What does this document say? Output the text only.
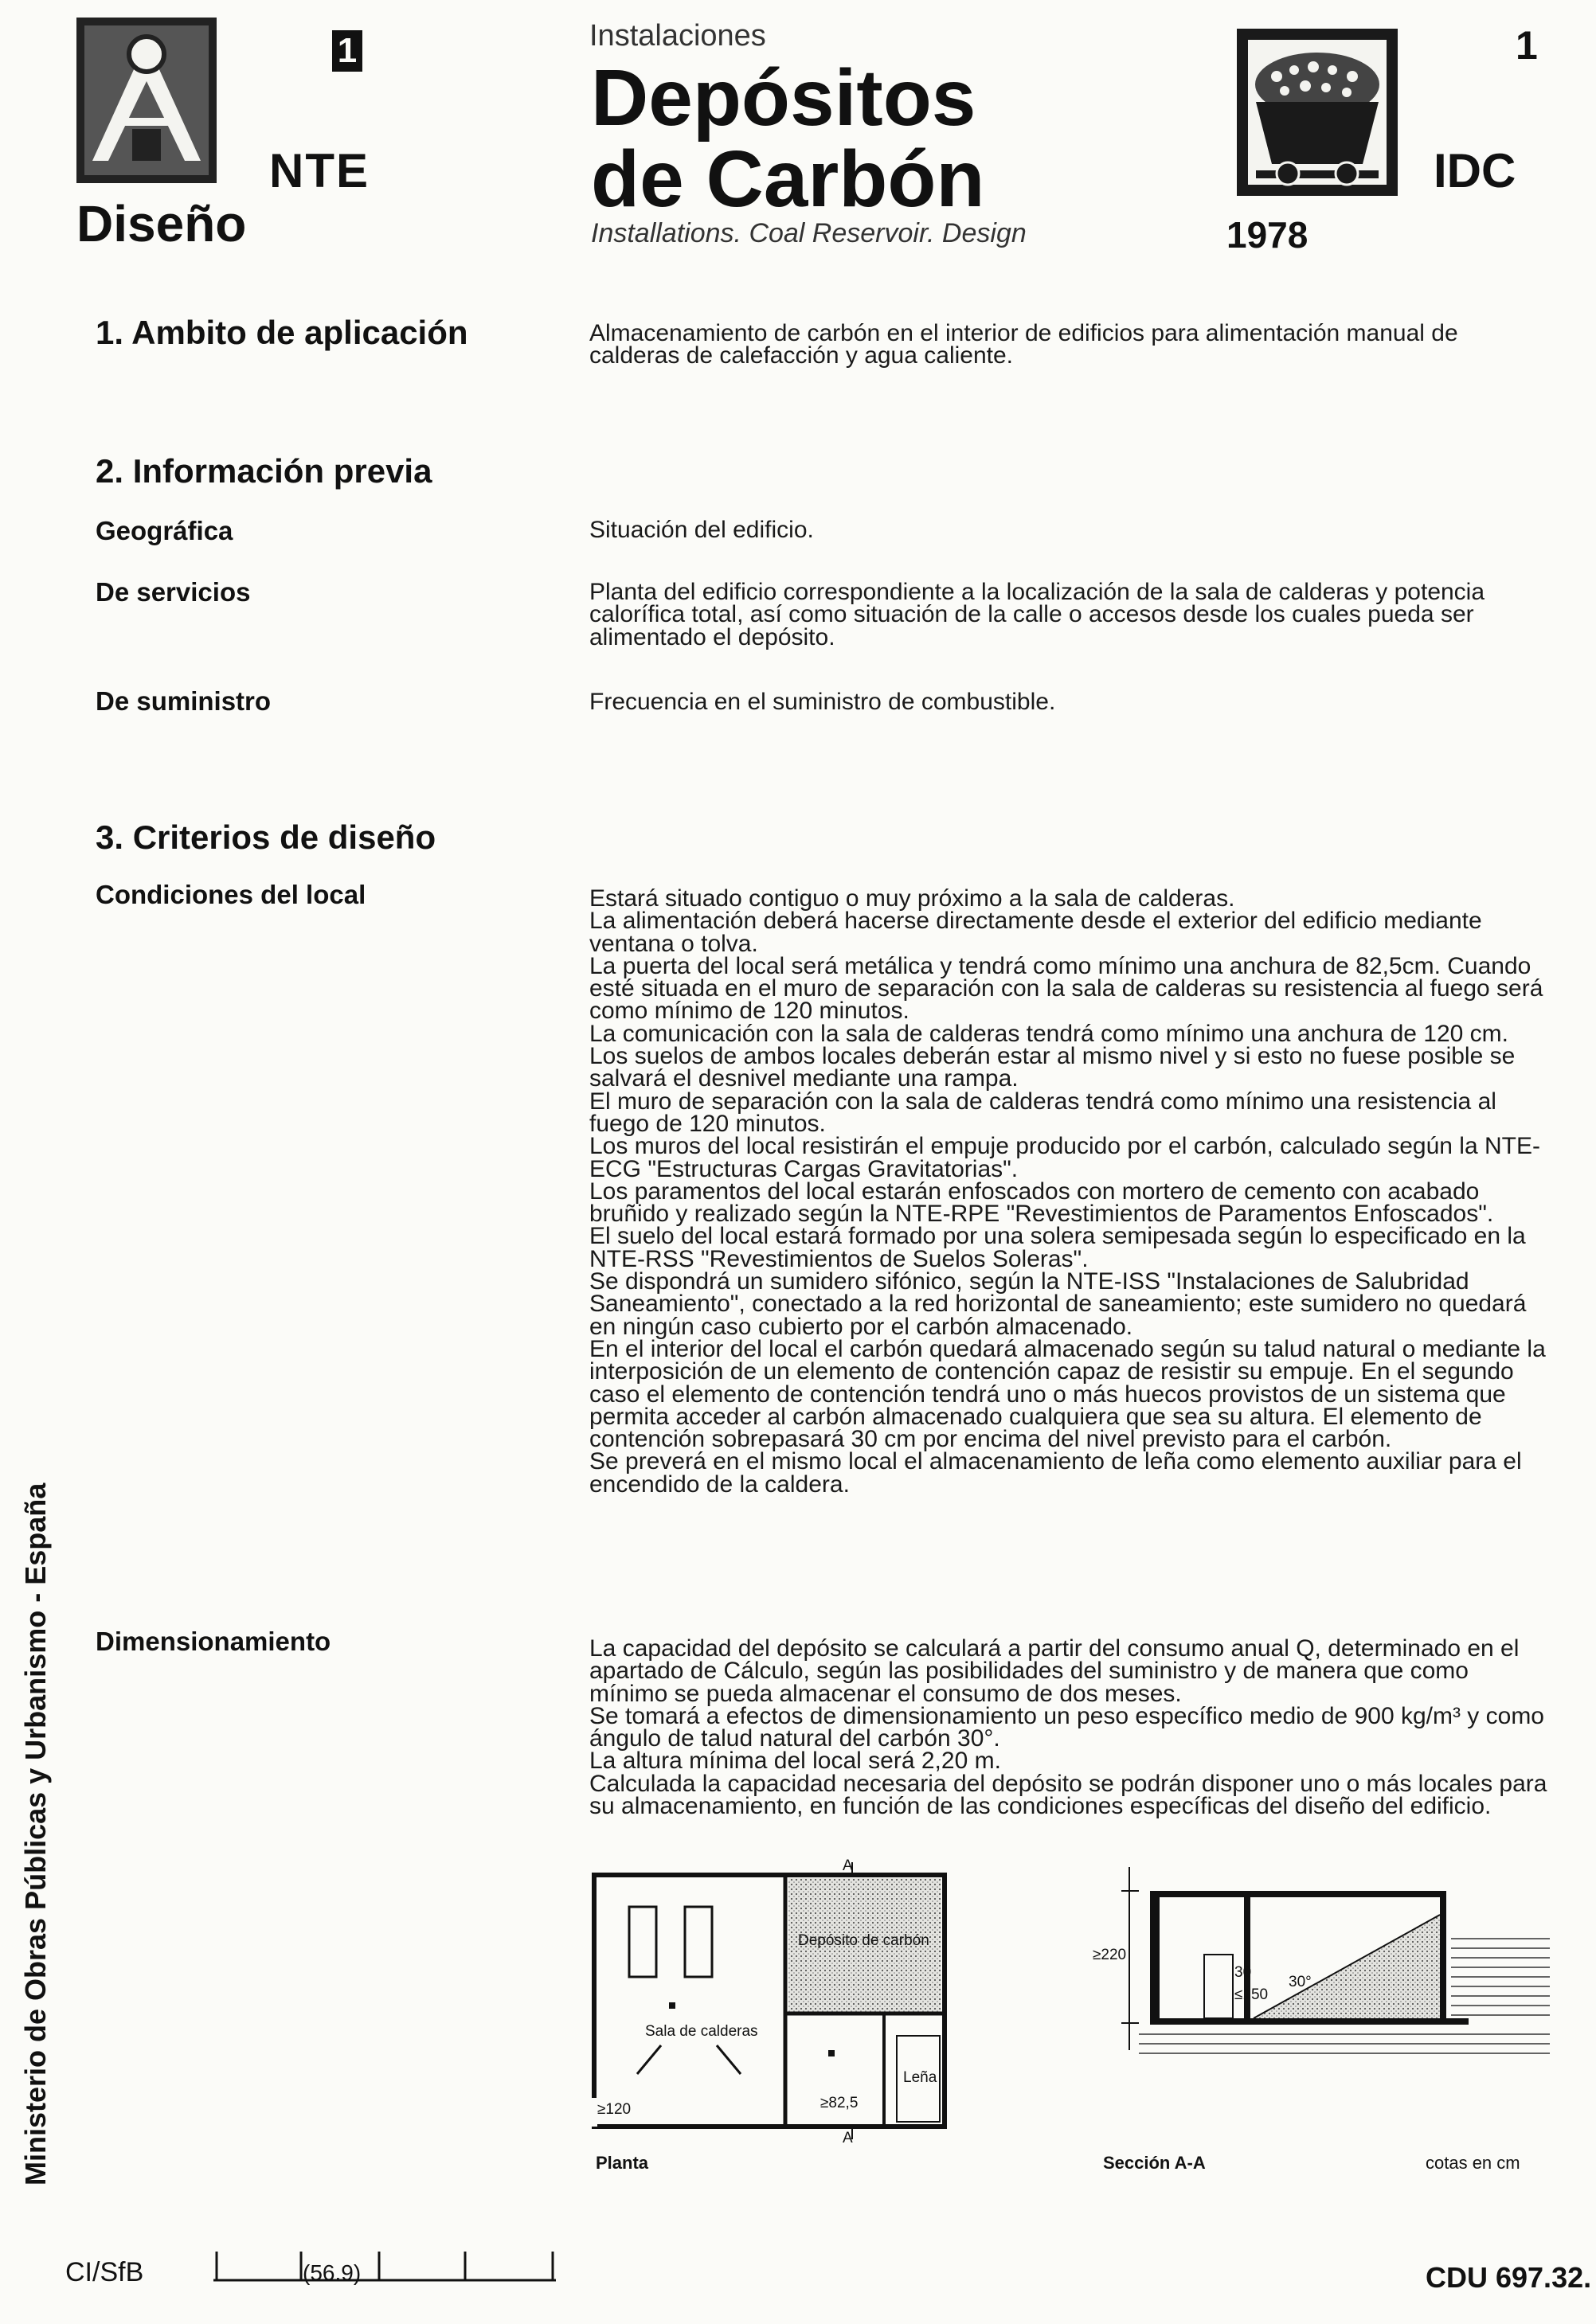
1
NTE
Diseño
Instalaciones
Depósitos
de Carbón
Installations. Coal Reservoir. Design	1978
1
IDC
1. Ambito de aplicación	Almacenamiento de carbón en el interior de edificios para alimentación manual de calderas de calefacción y agua caliente.
2. Información previa
Geográfica	Situación del edificio.
De servicios	Planta del edificio correspondiente a la localización de la sala de calderas y potencia calorífica total, así como situación de la calle o accesos desde los cuales pueda ser alimentado el depósito.
De suministro	Frecuencia en el suministro de combustible.
3. Criterios de diseño
Condiciones del local	Estará situado contiguo o muy próximo a la sala de calderas.
La alimentación deberá hacerse directamente desde el exterior del edificio mediante ventana o tolva.
La puerta del local será metálica y tendrá como mínimo una anchura de 82,5cm. Cuando esté situada en el muro de separación con la sala de calderas su resistencia al fuego será como mínimo de 120 minutos.
La comunicación con la sala de calderas tendrá como mínimo una anchura de 120 cm. Los suelos de ambos locales deberán estar al mismo nivel y si esto no fuese posible se salvará el desnivel mediante una rampa.
El muro de separación con la sala de calderas tendrá como mínimo una resistencia al fuego de 120 minutos.
Los muros del local resistirán el empuje producido por el carbón, calculado según la NTE-ECG "Estructuras Cargas Gravitatorias".
Los paramentos del local estarán enfoscados con mortero de cemento con acabado bruñido y realizado según la NTE-RPE "Revestimientos de Paramentos Enfoscados".
El suelo del local estará formado por una solera semipesada según lo especificado en la NTE-RSS "Revestimientos de Suelos Soleras".
Se dispondrá un sumidero sifónico, según la NTE-ISS "Instalaciones de Salubridad Saneamiento", conectado a la red horizontal de saneamiento; este sumidero no quedará en ningún caso cubierto por el carbón almacenado.
En el interior del local el carbón quedará almacenado según su talud natural o mediante la interposición de un elemento de contención capaz de resistir su empuje. En el segundo caso el elemento de contención tendrá uno o más huecos provistos de un sistema que permita acceder al carbón almacenado cualquiera que sea su altura. El elemento de contención sobrepasará 30 cm por encima del nivel previsto para el carbón.
Se preverá en el mismo local el almacenamiento de leña como elemento auxiliar para el encendido de la caldera.
Dimensionamiento	La capacidad del depósito se calculará a partir del consumo anual Q, determinado en el apartado de Cálculo, según las posibilidades del suministro y de manera que como mínimo se pueda almacenar el consumo de dos meses.
Se tomará a efectos de dimensionamiento un peso específico medio de 900 kg/m³ y como ángulo de talud natural del carbón 30°.
La altura mínima del local será 2,20 m.
Calculada la capacidad necesaria del depósito se podrán disponer uno o más locales para su almacenamiento, en función de las condiciones específicas del diseño del edificio.
A
A
Depósito de carbón
Sala de calderas
Leña
≥120	≥82,5
Planta
≥220
30
≤150
30°
Sección A-A	cotas en cm
Ministerio de Obras Públicas y Urbanismo - España
CI/SfB	(56.9)	CDU 697.32.
